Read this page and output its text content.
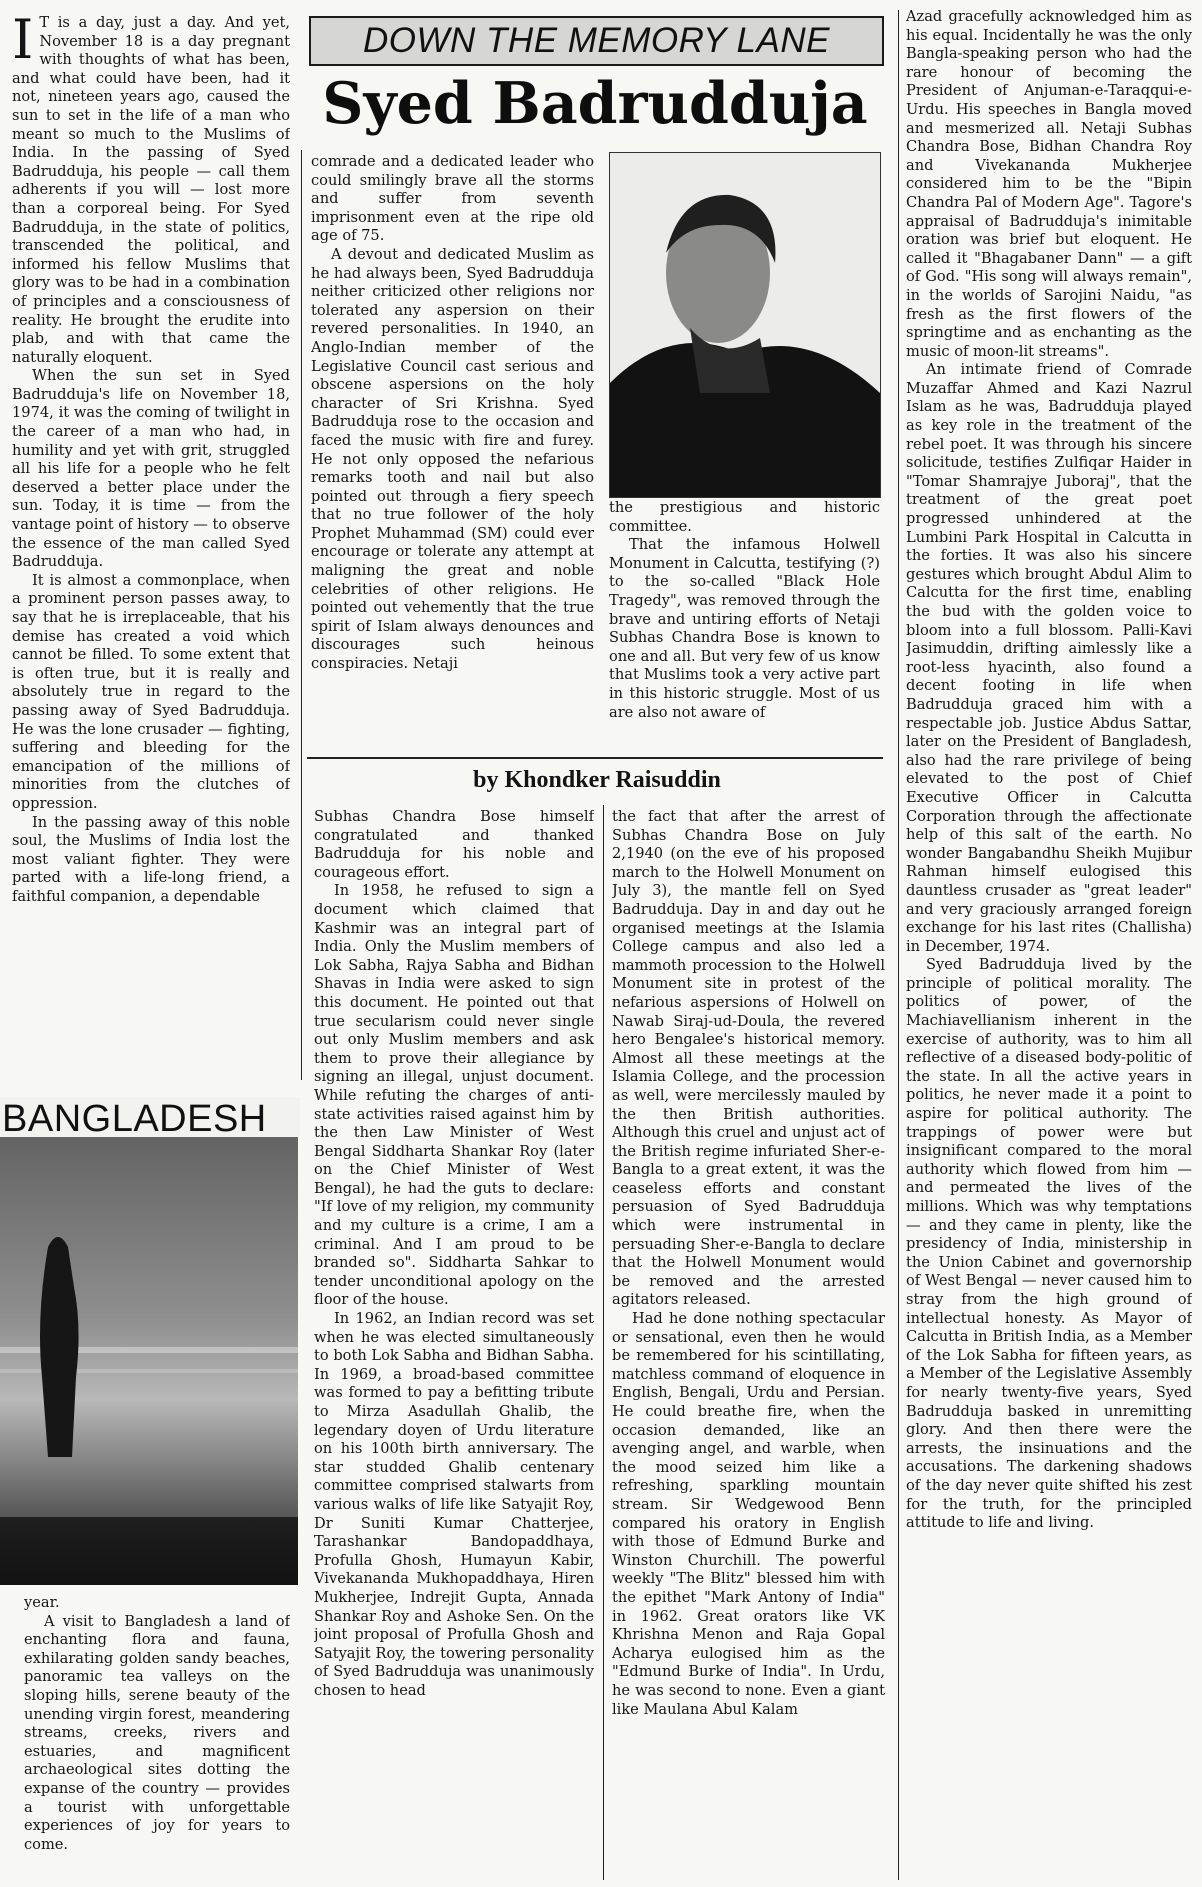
DOWN THE MEMORY LANE
Syed Badrudduja
I T is a day, just a day. And yet, November 18 is a day pregnant with thoughts of what has been, and what could have been, had it not, nineteen years ago, caused the sun to set in the life of a man who meant so much to the Muslims of India. In the passing of Syed Badrudduja, his people — call them adherents if you will — lost more than a corporeal being. For Syed Badrudduja, in the state of politics, transcended the political, and informed his fellow Muslims that glory was to be had in a combination of principles and a consciousness of reality. He brought the erudite into plab, and with that came the naturally eloquent.

When the sun set in Syed Badrudduja's life on November 18, 1974, it was the coming of twilight in the career of a man who had, in humility and yet with grit, struggled all his life for a people who he felt deserved a better place under the sun. Today, it is time — from the vantage point of history — to observe the essence of the man called Syed Badrudduja.

It is almost a commonplace, when a prominent person passes away, to say that he is irreplaceable, that his demise has created a void which cannot be filled. To some extent that is often true, but it is really and absolutely true in regard to the passing away of Syed Badrudduja. He was the lone crusader — fighting, suffering and bleeding for the emancipation of the millions of minorities from the clutches of oppression.

In the passing away of this noble soul, the Muslims of India lost the most valiant fighter. They were parted with a life-long friend, a faithful companion, a dependable

BANGLADESH

year.

A visit to Bangladesh a land of enchanting flora and fauna, exhilarating golden sandy beaches, panoramic tea valleys on the sloping hills, serene beauty of the unending virgin forest, meandering streams, creeks, rivers and estuaries, and magnificent archaeological sites dotting the expanse of the country — provides a tourist with unforgettable experiences of joy for years to come.

comrade and a dedicated leader who could smilingly brave all the storms and suffer from seventh imprisonment even at the ripe old age of 75.

A devout and dedicated Muslim as he had always been, Syed Badrudduja neither criticized other religions nor tolerated any aspersion on their revered personalities. In 1940, an Anglo-Indian member of the Legislative Council cast serious and obscene aspersions on the holy character of Sri Krishna. Syed Badrudduja rose to the occasion and faced the music with fire and furey. He not only opposed the nefarious remarks tooth and nail but also pointed out through a fiery speech that no true follower of the holy Prophet Muhammad (SM) could ever encourage or tolerate any attempt at maligning the great and noble celebrities of other religions. He pointed out vehemently that the true spirit of Islam always denounces and discourages such heinous conspiracies. Netaji

the prestigious and historic committee.

That the infamous Holwell Monument in Calcutta, testifying (?) to the so-called "Black Hole Tragedy", was removed through the brave and untiring efforts of Netaji Subhas Chandra Bose is known to one and all. But very few of us know that Muslims took a very active part in this historic struggle. Most of us are also not aware of

by Khondker Raisuddin

Subhas Chandra Bose himself congratulated and thanked Badrudduja for his noble and courageous effort.

In 1958, he refused to sign a document which claimed that Kashmir was an integral part of India. Only the Muslim members of Lok Sabha, Rajya Sabha and Bidhan Shavas in India were asked to sign this document. He pointed out that true secularism could never single out only Muslim members and ask them to prove their allegiance by signing an illegal, unjust document. While refuting the charges of anti-state activities raised against him by the then Law Minister of West Bengal Siddharta Shankar Roy (later on the Chief Minister of West Bengal), he had the guts to declare: "If love of my religion, my community and my culture is a crime, I am a criminal. And I am proud to be branded so". Siddharta Sahkar to tender unconditional apology on the floor of the house.

In 1962, an Indian record was set when he was elected simultaneously to both Lok Sabha and Bidhan Sabha. In 1969, a broad-based committee was formed to pay a befitting tribute to Mirza Asadullah Ghalib, the legendary doyen of Urdu literature on his 100th birth anniversary. The star studded Ghalib centenary committee comprised stalwarts from various walks of life like Satyajit Roy, Dr Suniti Kumar Chatterjee, Tarashankar Bandopaddhaya, Profulla Ghosh, Humayun Kabir, Vivekananda Mukhopaddhaya, Hiren Mukherjee, Indrejit Gupta, Annada Shankar Roy and Ashoke Sen. On the joint proposal of Profulla Ghosh and Satyajit Roy, the towering personality of Syed Badrudduja was unanimously chosen to head

the fact that after the arrest of Subhas Chandra Bose on July 2,1940 (on the eve of his proposed march to the Holwell Monument on July 3), the mantle fell on Syed Badrudduja. Day in and day out he organised meetings at the Islamia College campus and also led a mammoth procession to the Holwell Monument site in protest of the nefarious aspersions of Holwell on Nawab Siraj-ud-Doula, the revered hero Bengalee's historical memory. Almost all these meetings at the Islamia College, and the procession as well, were mercilessly mauled by the then British authorities. Although this cruel and unjust act of the British regime infuriated Sher-e-Bangla to a great extent, it was the ceaseless efforts and constant persuasion of Syed Badrudduja which were instrumental in persuading Sher-e-Bangla to declare that the Holwell Monument would be removed and the arrested agitators released.

Had he done nothing spectacular or sensational, even then he would be remembered for his scintillating, matchless command of eloquence in English, Bengali, Urdu and Persian. He could breathe fire, when the occasion demanded, like an avenging angel, and warble, when the mood seized him like a refreshing, sparkling mountain stream. Sir Wedgewood Benn compared his oratory in English with those of Edmund Burke and Winston Churchill. The powerful weekly "The Blitz" blessed him with the epithet "Mark Antony of India" in 1962. Great orators like VK Khrishna Menon and Raja Gopal Acharya eulogised him as the "Edmund Burke of India". In Urdu, he was second to none. Even a giant like Maulana Abul Kalam

Azad gracefully acknowledged him as his equal. Incidentally he was the only Bangla-speaking person who had the rare honour of becoming the President of Anjuman-e-Taraqqui-e-Urdu. His speeches in Bangla moved and mesmerized all. Netaji Subhas Chandra Bose, Bidhan Chandra Roy and Vivekananda Mukherjee considered him to be the "Bipin Chandra Pal of Modern Age". Tagore's appraisal of Badrudduja's inimitable oration was brief but eloquent. He called it "Bhagabaner Dann" — a gift of God. "His song will always remain", in the worlds of Sarojini Naidu, "as fresh as the first flowers of the springtime and as enchanting as the music of moon-lit streams".

An intimate friend of Comrade Muzaffar Ahmed and Kazi Nazrul Islam as he was, Badrudduja played as key role in the treatment of the rebel poet. It was through his sincere solicitude, testifies Zulfiqar Haider in "Tomar Shamrajye Juboraj", that the treatment of the great poet progressed unhindered at the Lumbini Park Hospital in Calcutta in the forties. It was also his sincere gestures which brought Abdul Alim to Calcutta for the first time, enabling the bud with the golden voice to bloom into a full blossom. Palli-Kavi Jasimuddin, drifting aimlessly like a root-less hyacinth, also found a decent footing in life when Badrudduja graced him with a respectable job. Justice Abdus Sattar, later on the President of Bangladesh, also had the rare privilege of being elevated to the post of Chief Executive Officer in Calcutta Corporation through the affectionate help of this salt of the earth. No wonder Bangabandhu Sheikh Mujibur Rahman himself eulogised this dauntless crusader as "great leader" and very graciously arranged foreign exchange for his last rites (Challisha) in December, 1974.

Syed Badrudduja lived by the principle of political morality. The politics of power, of the Machiavellianism inherent in the exercise of authority, was to him all reflective of a diseased body-politic of the state. In all the active years in politics, he never made it a point to aspire for political authority. The trappings of power were but insignificant compared to the moral authority which flowed from him — and permeated the lives of the millions. Which was why temptations — and they came in plenty, like the presidency of India, ministership in the Union Cabinet and governorship of West Bengal — never caused him to stray from the high ground of intellectual honesty. As Mayor of Calcutta in British India, as a Member of the Lok Sabha for fifteen years, as a Member of the Legislative Assembly for nearly twenty-five years, Syed Badrudduja basked in unremitting glory. And then there were the arrests, the insinuations and the accusations. The darkening shadows of the day never quite shifted his zest for the truth, for the principled attitude to life and living.
